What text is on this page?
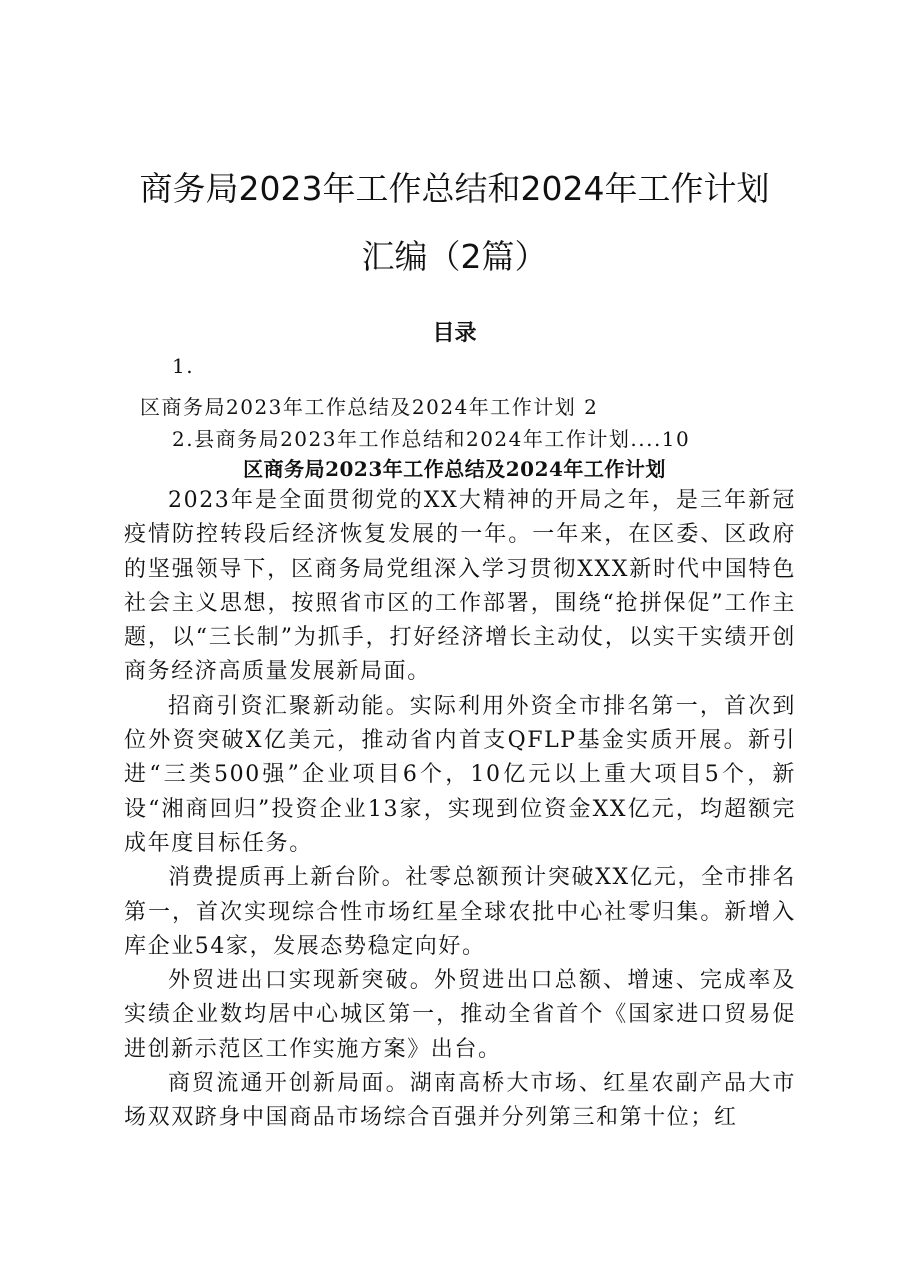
商务局2023年工作总结和2024年工作计划
汇编（2篇）
目录
1.
区商务局2023年工作总结及2024年工作计划 2
2.县商务局2023年工作总结和2024年工作计划....10
区商务局2023年工作总结及2024年工作计划

2023年是全面贯彻党的XX大精神的开局之年，是三年新冠疫情防控转段后经济恢复发展的一年。一年来，在区委、区政府的坚强领导下，区商务局党组深入学习贯彻XXX新时代中国特色社会主义思想，按照省市区的工作部署，围绕“抢拼保促”工作主题，以“三长制”为抓手，打好经济增长主动仗，以实干实绩开创商务经济高质量发展新局面。

招商引资汇聚新动能。实际利用外资全市排名第一，首次到位外资突破X亿美元，推动省内首支QFLP基金实质开展。新引进“三类500强”企业项目6个，10亿元以上重大项目5个，新设“湘商回归”投资企业13家，实现到位资金XX亿元，均超额完成年度目标任务。

消费提质再上新台阶。社零总额预计突破XX亿元，全市排名第一，首次实现综合性市场红星全球农批中心社零归集。新增入库企业54家，发展态势稳定向好。

外贸进出口实现新突破。外贸进出口总额、增速、完成率及实绩企业数均居中心城区第一，推动全省首个《国家进口贸易促进创新示范区工作实施方案》出台。

商贸流通开创新局面。湖南高桥大市场、红星农副产品大市场双双跻身中国商品市场综合百强并分列第三和第十位；红
